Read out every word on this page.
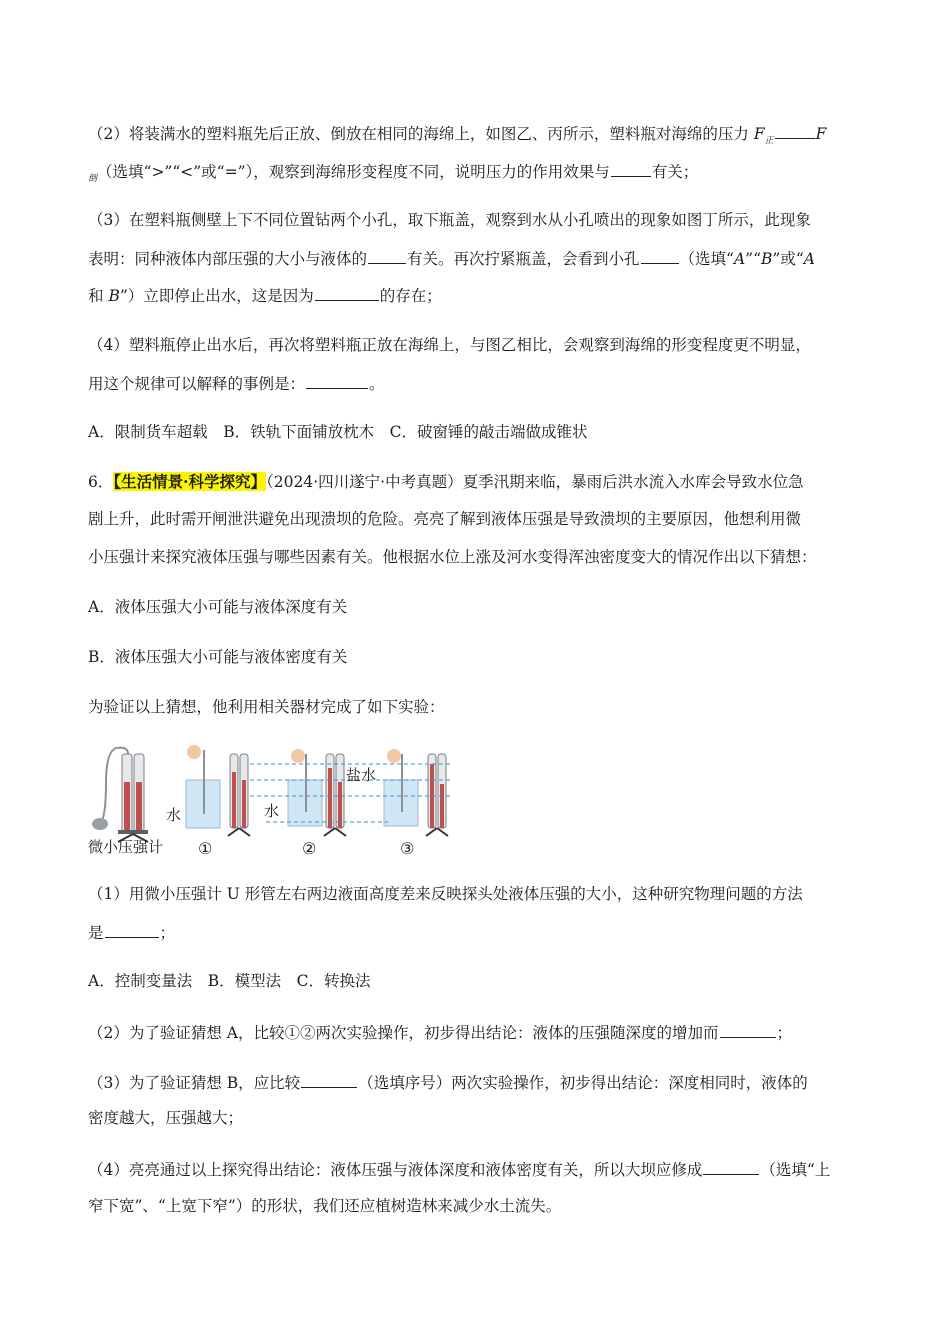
（2）将装满水的塑料瓶先后正放、倒放在相同的海绵上，如图乙、丙所示，塑料瓶对海绵的压力 $F_正$	F
$_倒$（选填“>”“<”或“=”），观察到海绵形变程度不同，说明压力的作用效果与	有关；
（3）在塑料瓶侧壁上下不同位置钻两个小孔，取下瓶盖，观察到水从小孔喷出的现象如图丁所示，此现象
表明：同种液体内部压强的大小与液体的	有关。再次拧紧瓶盖，会看到小孔	（选填“A”“B”或“A
和 B”）立即停止出水，这是因为	的存在；
（4）塑料瓶停止出水后，再次将塑料瓶正放在海绵上，与图乙相比，会观察到海绵的形变程度更不明显，
用这个规律可以解释的事例是：	。
A．限制货车超载　B．铁轨下面铺放枕木　C．破窗锤的敲击端做成锥状
6．【生活情景·科学探究】（2024·四川遂宁·中考真题）夏季汛期来临，暴雨后洪水流入水库会导致水位急
剧上升，此时需开闸泄洪避免出现溃坝的危险。亮亮了解到液体压强是导致溃坝的主要原因，他想利用微
小压强计来探究液体压强与哪些因素有关。他根据水位上涨及河水变得浑浊密度变大的情况作出以下猜想：
A．液体压强大小可能与液体深度有关
B．液体压强大小可能与液体密度有关
为验证以上猜想，他利用相关器材完成了如下实验：
水	水
盐水
微小压强计 ①	②	③
（1）用微小压强计 U 形管左右两边液面高度差来反映探头处液体压强的大小，这种研究物理问题的方法
是	；
A．控制变量法　B．模型法　C．转换法
（2）为了验证猜想 A，比较①②两次实验操作，初步得出结论：液体的压强随深度的增加而	；
（3）为了验证猜想 B，应比较	（选填序号）两次实验操作，初步得出结论：深度相同时，液体的
密度越大，压强越大；
（4）亮亮通过以上探究得出结论：液体压强与液体深度和液体密度有关，所以大坝应修成	（选填“上
窄下宽”、“上宽下窄”）的形状，我们还应植树造林来减少水土流失。
